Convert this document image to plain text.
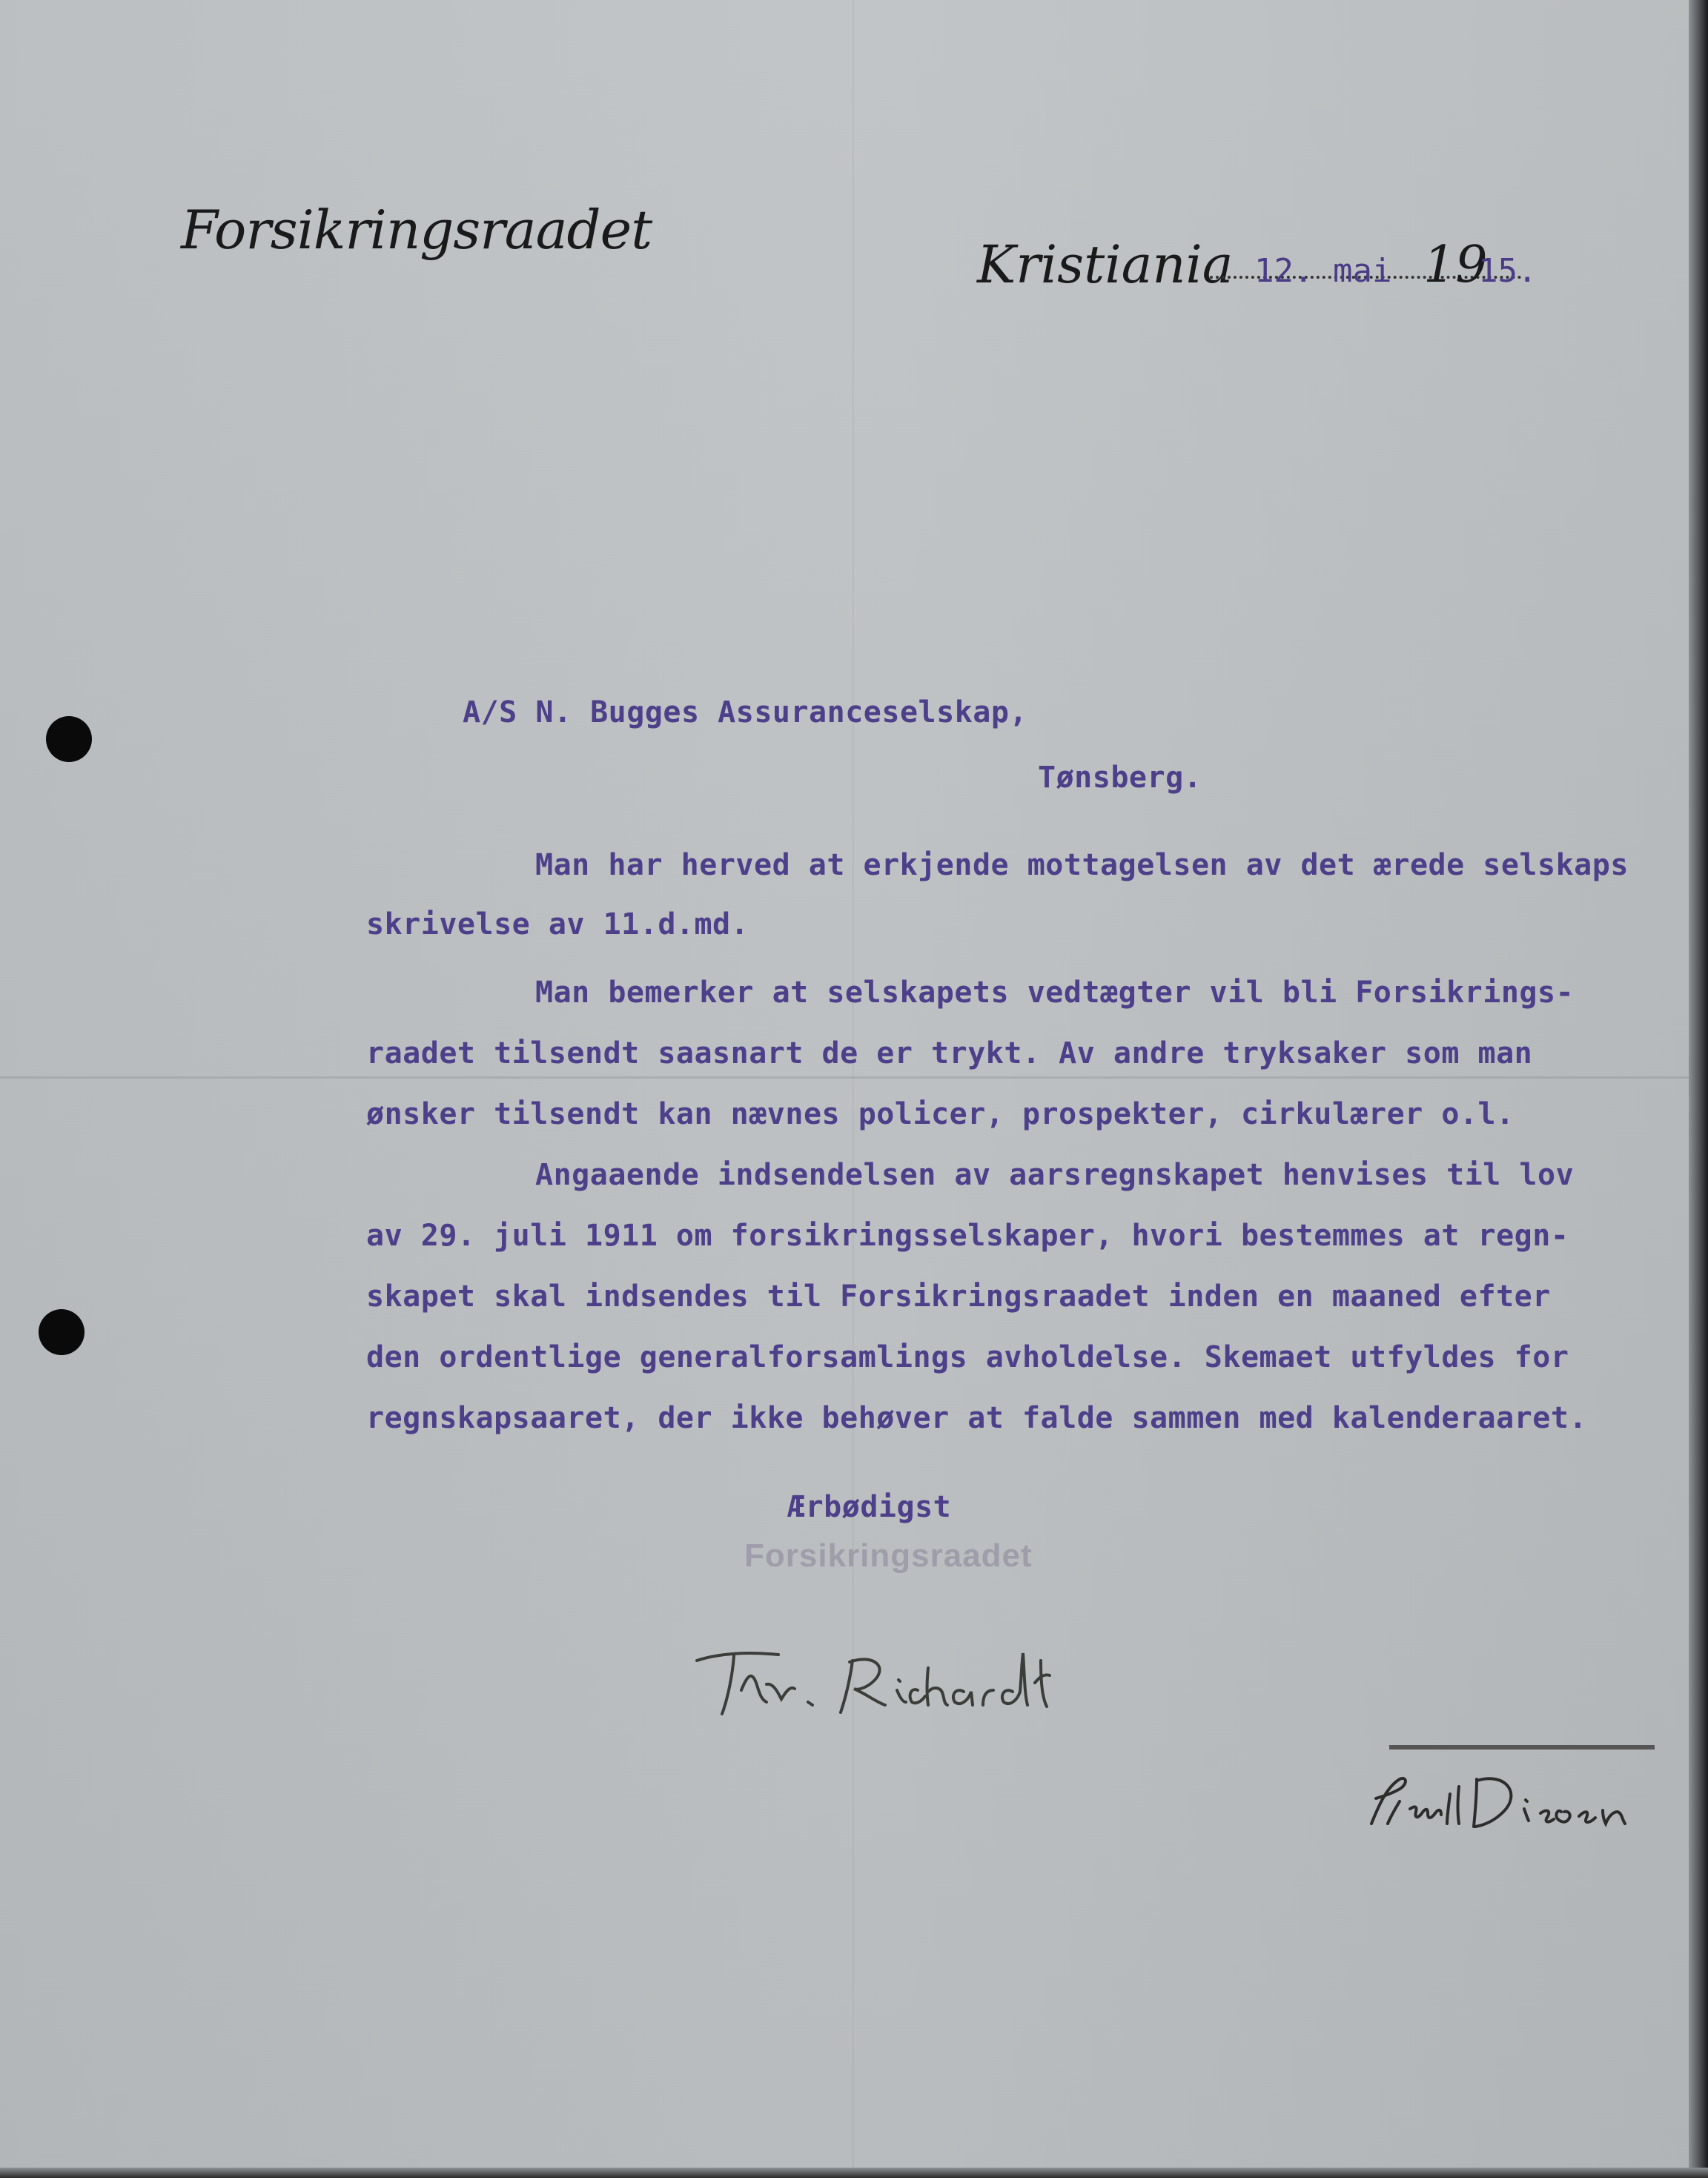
Forsikringsraadet
Kristiania 12. mai 19
15.
A/S N. Bugges Assuranceselskap,
Tønsberg.
Man har herved at erkjende mottagelsen av det ærede selskaps
skrivelse av 11.d.md.
Man bemerker at selskapets vedtægter vil bli Forsikrings-
raadet tilsendt saasnart de er trykt. Av andre tryksaker som man
ønsker tilsendt kan nævnes policer, prospekter, cirkulærer o.l.
Angaaende indsendelsen av aarsregnskapet henvises til lov
av 29. juli 1911 om forsikringsselskaper, hvori bestemmes at regn-
skapet skal indsendes til Forsikringsraadet inden en maaned efter
den ordentlige generalforsamlings avholdelse. Skemaet utfyldes for
regnskapsaaret, der ikke behøver at falde sammen med kalenderaaret.
Ærbødigst
Forsikringsraadet
